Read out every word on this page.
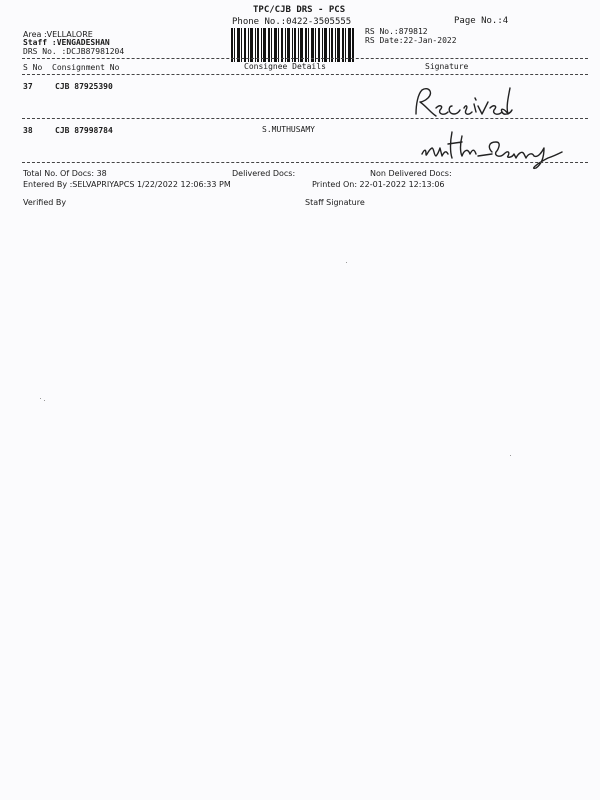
TPC/CJB DRS - PCS
Phone No.:0422-3505555	Page No.:4
RS No.:879812
RS Date:22-Jan-2022
Area :VELLALORE
Staff :VENGADESHAN
DRS No. :DCJB87981204
S No Consignment No	Consignee Details	Signature
37	CJB 87925390
38	CJB 87998784	S.MUTHUSAMY
Total No. Of Docs: 38	Delivered Docs:	Non Delivered Docs:
Entered By :SELVAPRIYAPCS 1/22/2022 12:06:33 PM	Printed On: 22-01-2022 12:13:06
Verified By	Staff Signature
